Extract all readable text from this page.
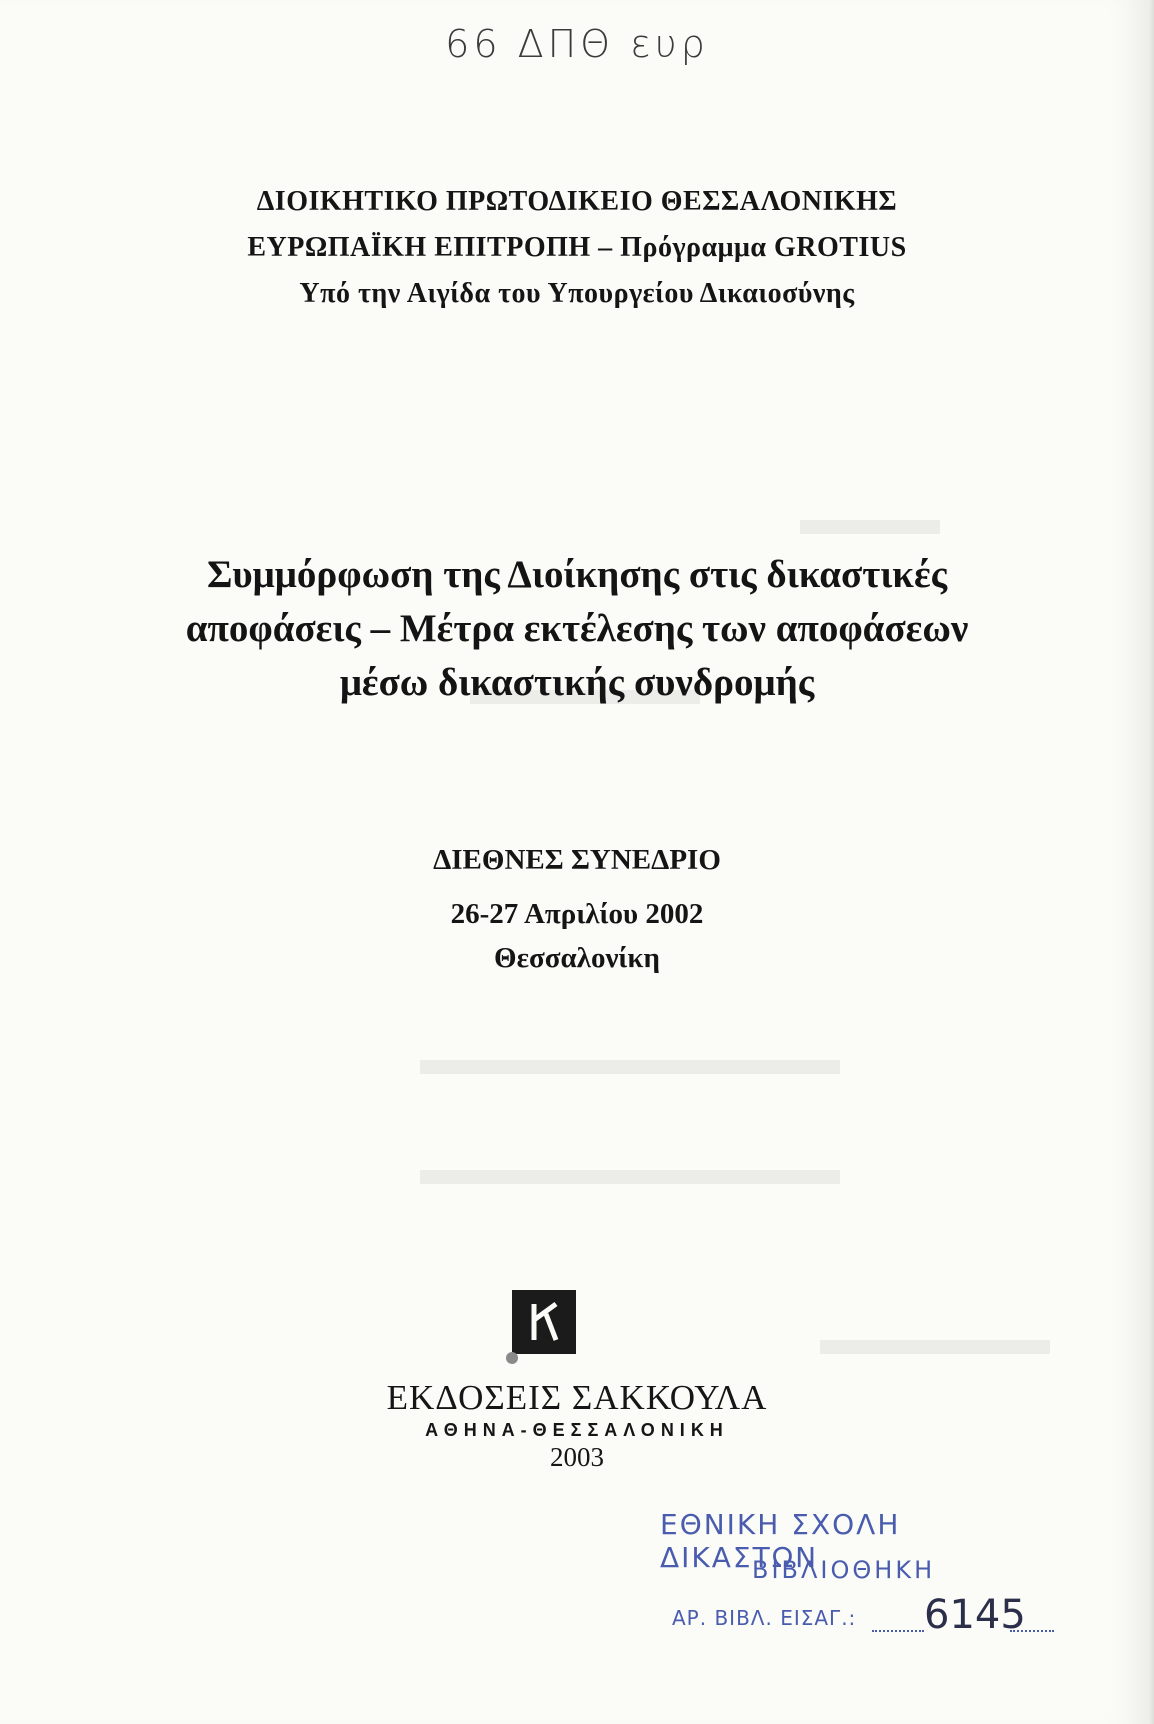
66 ΔΠΘ ευρ
ΔΙΟΙΚΗΤΙΚΟ ΠΡΩΤΟΔΙΚΕΙΟ ΘΕΣΣΑΛΟΝΙΚΗΣ
ΕΥΡΩΠΑΪΚΗ ΕΠΙΤΡΟΠΗ – Πρόγραμμα GROTIUS
Υπό την Αιγίδα του Υπουργείου Δικαιοσύνης
Συμμόρφωση της Διοίκησης στις δικαστικές
αποφάσεις – Μέτρα εκτέλεσης των αποφάσεων
μέσω δικαστικής συνδρομής
ΔΙΕΘΝΕΣ ΣΥΝΕΔΡΙΟ
26-27 Απριλίου 2002
Θεσσαλονίκη
ΕΚΔΟΣΕΙΣ ΣΑΚΚΟΥΛΑ
ΑΘΗΝΑ-ΘΕΣΣΑΛΟΝΙΚΗ
2003
ΕΘΝΙΚΗ ΣΧΟΛΗ ΔΙΚΑΣΤΩΝ
ΒΙΒΛΙΟΘΗΚΗ
ΑΡ. ΒΙΒΛ. ΕΙΣΑΓ.: 6145
